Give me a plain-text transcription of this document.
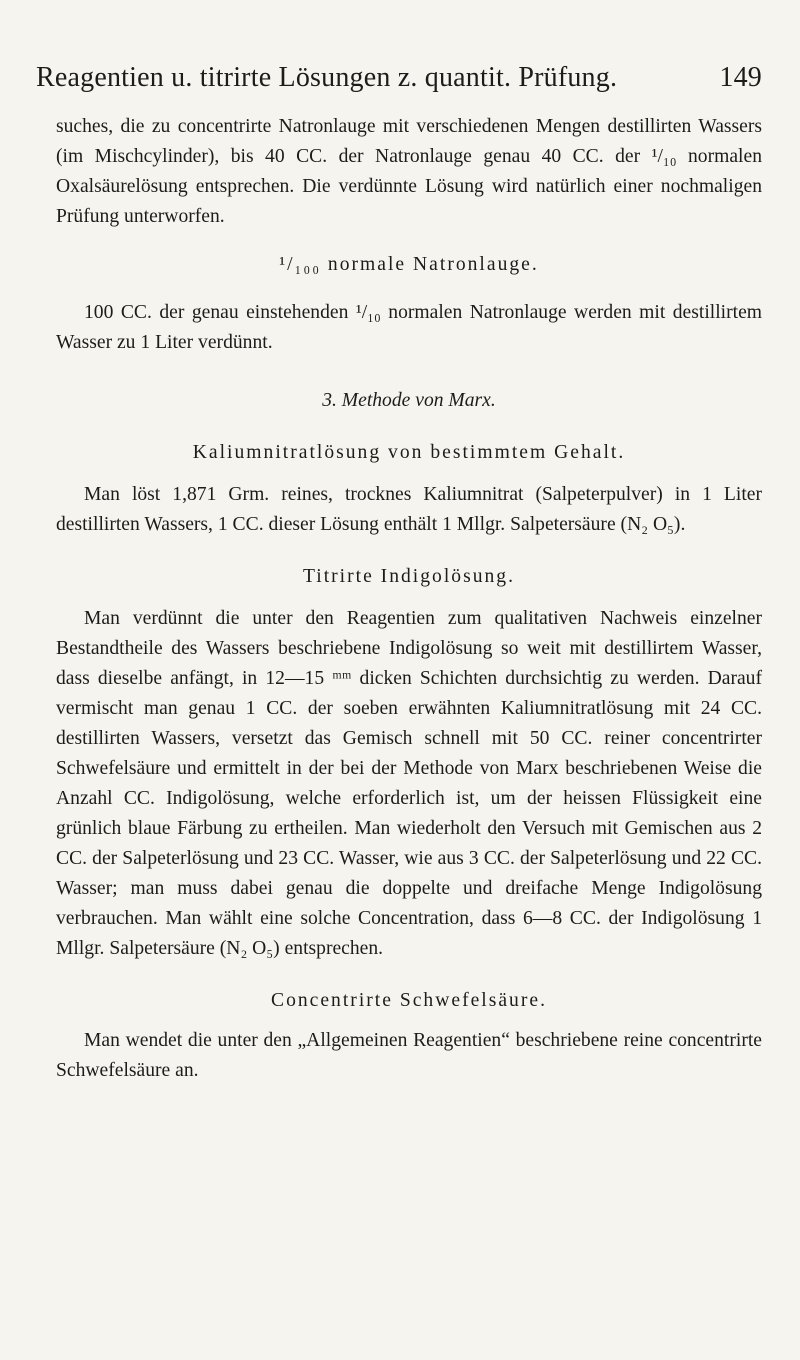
Reagentien u. titrirte Lösungen z. quantit. Prüfung.	149

suches, die zu concentrirte Natronlauge mit verschiedenen Mengen destillirten Wassers (im Mischcylinder), bis 40 CC. der Natronlauge genau 40 CC. der ¹/₁₀ normalen Oxalsäurelösung entsprechen. Die verdünnte Lösung wird natürlich einer nochmaligen Prüfung unterworfen.

¹/₁₀₀ normale Natronlauge.

100 CC. der genau einstehenden ¹/₁₀ normalen Natronlauge werden mit destillirtem Wasser zu 1 Liter verdünnt.

3. Methode von Marx.

Kaliumnitratlösung von bestimmtem Gehalt.

Man löst 1,871 Grm. reines, trocknes Kaliumnitrat (Salpeterpulver) in 1 Liter destillirten Wassers, 1 CC. dieser Lösung enthält 1 Mllgr. Salpetersäure (N₂ O₅).

Titrirte Indigolösung.

Man verdünnt die unter den Reagentien zum qualitativen Nachweis einzelner Bestandtheile des Wassers beschriebene Indigolösung so weit mit destillirtem Wasser, dass dieselbe anfängt, in 12—15 ᵐᵐ dicken Schichten durchsichtig zu werden. Darauf vermischt man genau 1 CC. der soeben erwähnten Kaliumnitratlösung mit 24 CC. destillirten Wassers, versetzt das Gemisch schnell mit 50 CC. reiner concentrirter Schwefelsäure und ermittelt in der bei der Methode von Marx beschriebenen Weise die Anzahl CC. Indigolösung, welche erforderlich ist, um der heissen Flüssigkeit eine grünlich blaue Färbung zu ertheilen. Man wiederholt den Versuch mit Gemischen aus 2 CC. der Salpeterlösung und 23 CC. Wasser, wie aus 3 CC. der Salpeterlösung und 22 CC. Wasser; man muss dabei genau die doppelte und dreifache Menge Indigolösung verbrauchen. Man wählt eine solche Concentration, dass 6—8 CC. der Indigolösung 1 Mllgr. Salpetersäure (N₂ O₅) entsprechen.

Concentrirte Schwefelsäure.

Man wendet die unter den „Allgemeinen Reagentien“ beschriebene reine concentrirte Schwefelsäure an.
